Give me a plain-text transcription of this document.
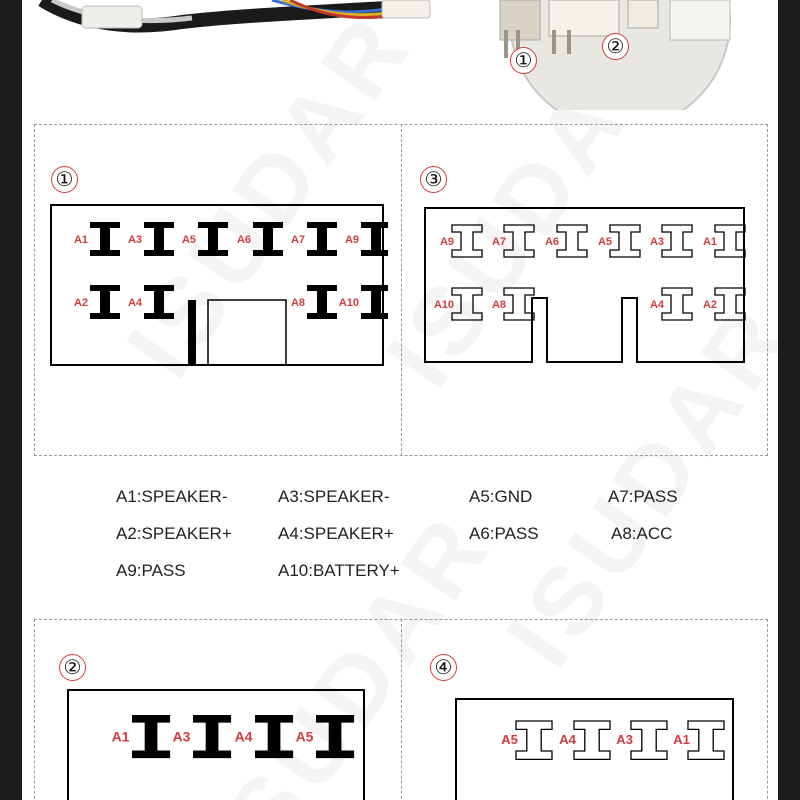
①
②
①	③
A1	A3	A5	A6	A7	A9
A2	A4	A8	A10
A9	A7	A6	A5	A3	A1
A10	A8	A4	A2
A1:SPEAKER-	A3:SPEAKER-	A5:GND	A7:PASS
A2:SPEAKER+	A4:SPEAKER+	A6:PASS	A8:ACC
A9:PASS	A10:BATTERY+
②	④
A1	A3	A4	A5	A5	A4	A3	A1
